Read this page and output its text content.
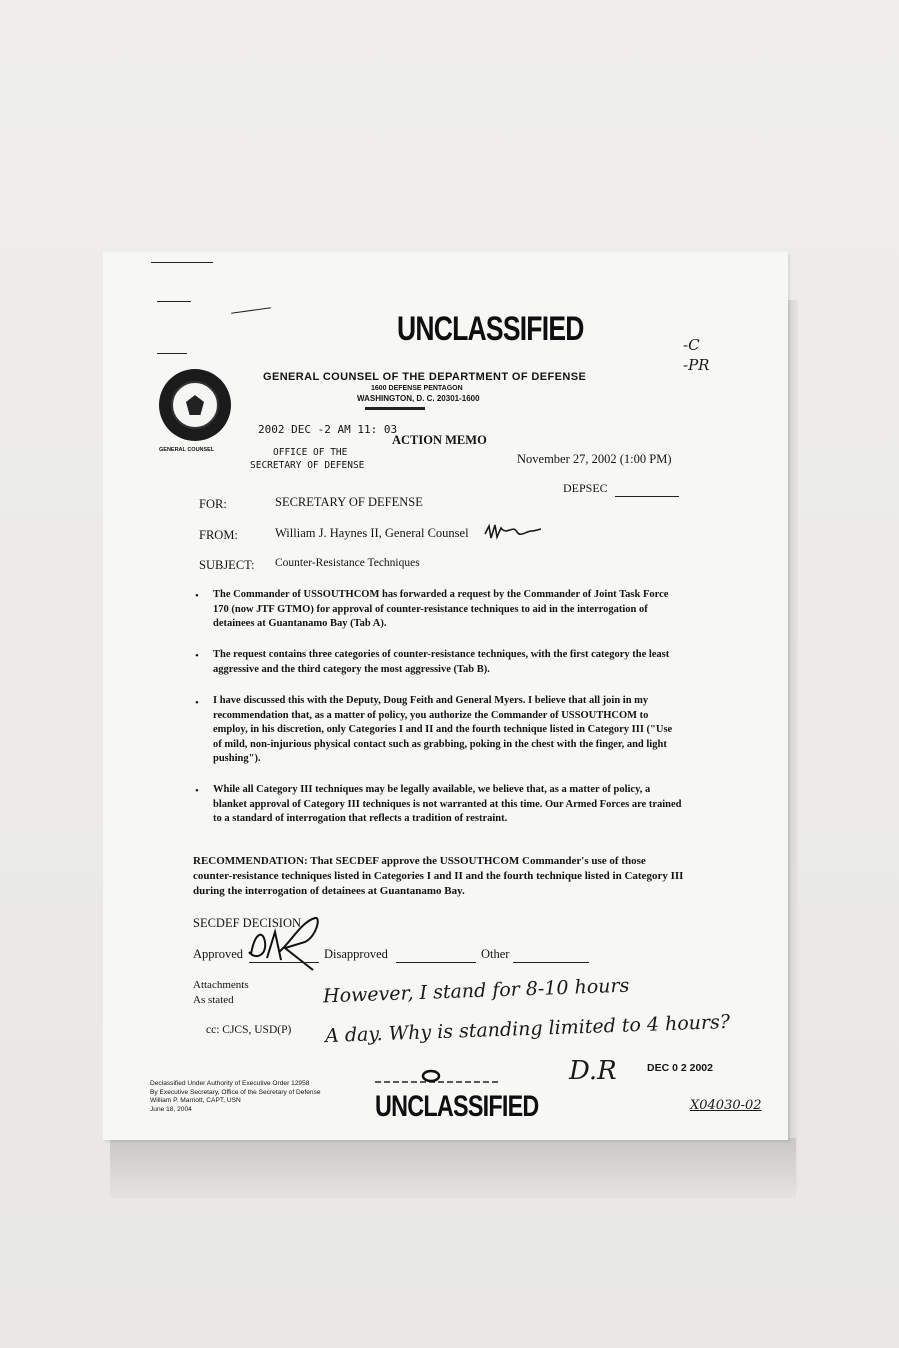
UNCLASSIFIED	-C
-PR
GENERAL COUNSEL
GENERAL COUNSEL OF THE DEPARTMENT OF DEFENSE
1600 DEFENSE PENTAGON
WASHINGTON, D. C. 20301-1600
2002 DEC -2 AM 11: 03
OFFICE OF THE
SECRETARY OF DEFENSE
ACTION MEMO
November 27, 2002 (1:00 PM)
DEPSEC
FOR:	SECRETARY OF DEFENSE
FROM:	William J. Haynes II, General Counsel
SUBJECT: Counter-Resistance Techniques
• The Commander of USSOUTHCOM has forwarded a request by the Commander of Joint Task Force 170 (now JTF GTMO) for approval of counter-resistance techniques to aid in the interrogation of detainees at Guantanamo Bay (Tab A).
• The request contains three categories of counter-resistance techniques, with the first category the least aggressive and the third category the most aggressive (Tab B).
• I have discussed this with the Deputy, Doug Feith and General Myers. I believe that all join in my recommendation that, as a matter of policy, you authorize the Commander of USSOUTHCOM to employ, in his discretion, only Categories I and II and the fourth technique listed in Category III ("Use of mild, non-injurious physical contact such as grabbing, poking in the chest with the finger, and light pushing").
• While all Category III techniques may be legally available, we believe that, as a matter of policy, a blanket approval of Category III techniques is not warranted at this time. Our Armed Forces are trained to a standard of interrogation that reflects a tradition of restraint.
RECOMMENDATION: That SECDEF approve the USSOUTHCOM Commander's use of those counter-resistance techniques listed in Categories I and II and the fourth technique listed in Category III during the interrogation of detainees at Guantanamo Bay.
SECDEF DECISION
Approved	Disapproved	Other
Attachments
As stated
cc: CJCS, USD(P)
However, I stand for 8-10 hours
A day. Why is standing limited to 4 hours?
D.R	DEC 0 2 2002
Declassified Under Authority of Executive Order 12958
By Executive Secretary, Office of the Secretary of Defense
William P. Marriott, CAPT, USN
June 18, 2004	UNCLASSIFIED	X04030-02
